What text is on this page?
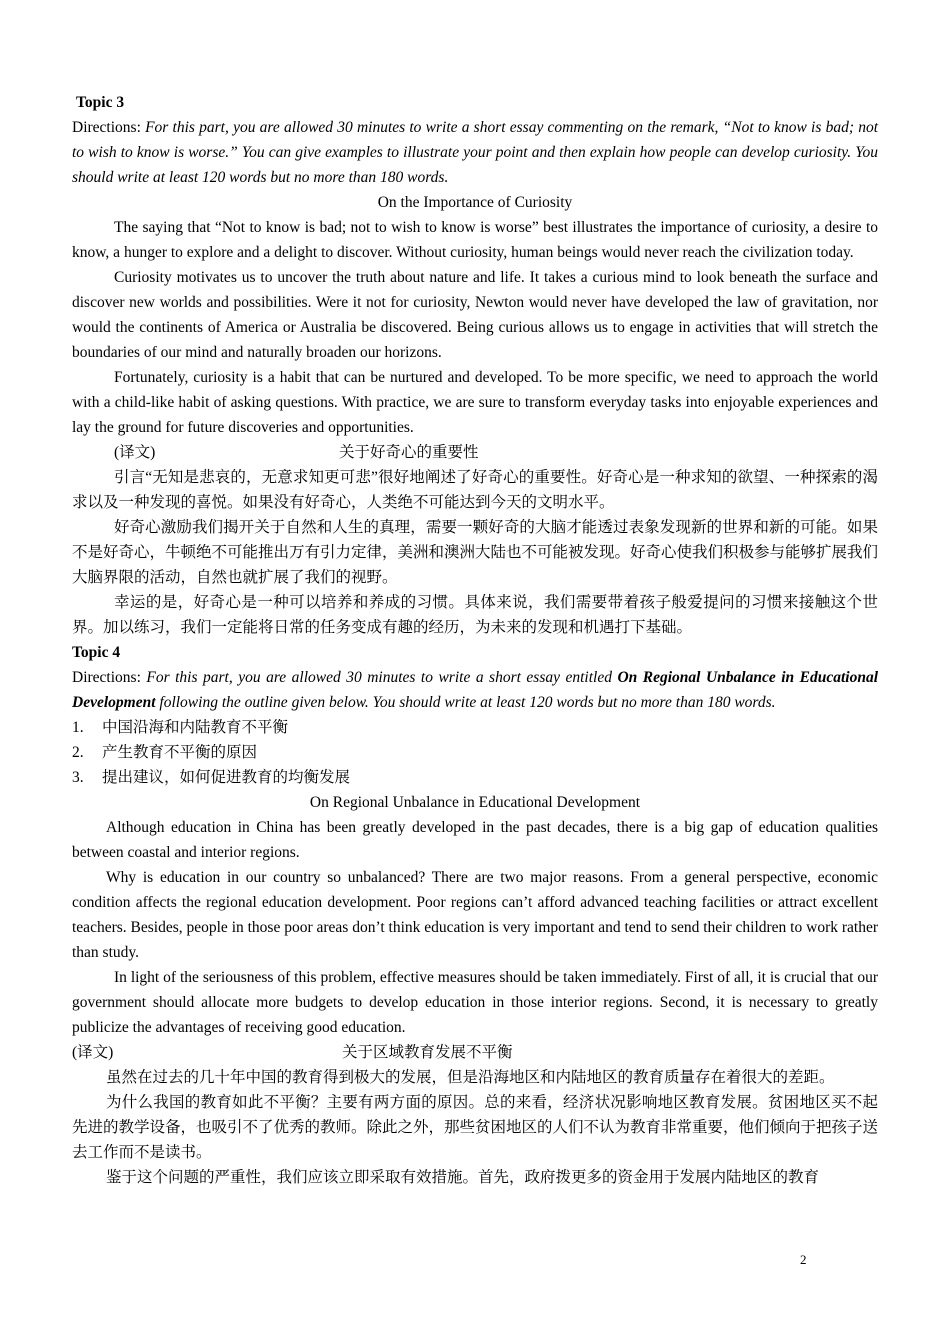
Topic 3

Directions: For this part, you are allowed 30 minutes to write a short essay commenting on the remark, “Not to know is bad; not to wish to know is worse.” You can give examples to illustrate your point and then explain how people can develop curiosity. You should write at least 120 words but no more than 180 words.

On the Importance of Curiosity

The saying that “Not to know is bad; not to wish to know is worse” best illustrates the importance of curiosity, a desire to know, a hunger to explore and a delight to discover. Without curiosity, human beings would never reach the civilization today.

Curiosity motivates us to uncover the truth about nature and life. It takes a curious mind to look beneath the surface and discover new worlds and possibilities. Were it not for curiosity, Newton would never have developed the law of gravitation, nor would the continents of America or Australia be discovered. Being curious allows us to engage in activities that will stretch the boundaries of our mind and naturally broaden our horizons.

Fortunately, curiosity is a habit that can be nurtured and developed. To be more specific, we need to approach the world with a child-like habit of asking questions. With practice, we are sure to transform everyday tasks into enjoyable experiences and lay the ground for future discoveries and opportunities.

(译文)	关于好奇心的重要性

引言“无知是悲哀的，无意求知更可悲”很好地阐述了好奇心的重要性。好奇心是一种求知的欲望、一种探索的渴求以及一种发现的喜悦。如果没有好奇心，人类绝不可能达到今天的文明水平。

好奇心激励我们揭开关于自然和人生的真理，需要一颗好奇的大脑才能透过表象发现新的世界和新的可能。如果不是好奇心，牛顿绝不可能推出万有引力定律，美洲和澳洲大陆也不可能被发现。好奇心使我们积极参与能够扩展我们大脑界限的活动，自然也就扩展了我们的视野。

幸运的是，好奇心是一种可以培养和养成的习惯。具体来说，我们需要带着孩子般爱提问的习惯来接触这个世界。加以练习，我们一定能将日常的任务变成有趣的经历，为未来的发现和机遇打下基础。

Topic 4

Directions: For this part, you are allowed 30 minutes to write a short essay entitled On Regional Unbalance in Educational Development following the outline given below. You should write at least 120 words but no more than 180 words.

1.	中国沿海和内陆教育不平衡
2.	产生教育不平衡的原因
3.	提出建议，如何促进教育的均衡发展

On Regional Unbalance in Educational Development

Although education in China has been greatly developed in the past decades, there is a big gap of education qualities between coastal and interior regions.

Why is education in our country so unbalanced? There are two major reasons. From a general perspective, economic condition affects the regional education development. Poor regions can’t afford advanced teaching facilities or attract excellent teachers. Besides, people in those poor areas don’t think education is very important and tend to send their children to work rather than study.

In light of the seriousness of this problem, effective measures should be taken immediately. First of all, it is crucial that our government should allocate more budgets to develop education in those interior regions. Second, it is necessary to greatly publicize the advantages of receiving good education.

(译文)	关于区域教育发展不平衡

虽然在过去的几十年中国的教育得到极大的发展，但是沿海地区和内陆地区的教育质量存在着很大的差距。

为什么我国的教育如此不平衡？主要有两方面的原因。总的来看，经济状况影响地区教育发展。贫困地区买不起先进的教学设备，也吸引不了优秀的教师。除此之外，那些贫困地区的人们不认为教育非常重要，他们倾向于把孩子送去工作而不是读书。

鉴于这个问题的严重性，我们应该立即采取有效措施。首先，政府拨更多的资金用于发展内陆地区的教育

2
